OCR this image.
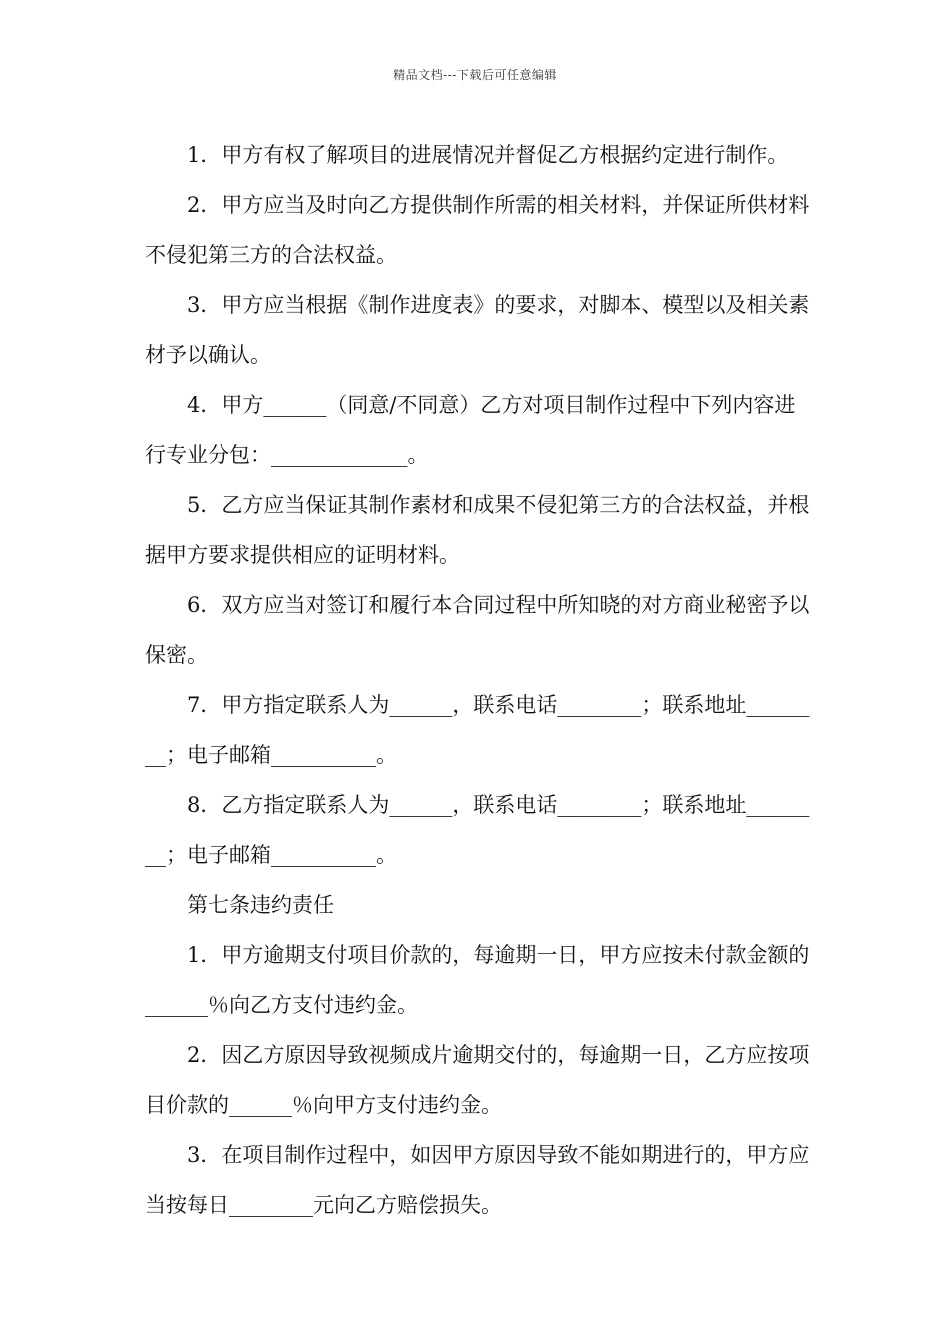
精品文档---下载后可任意编辑

1．甲方有权了解项目的进展情况并督促乙方根据约定进行制作。

2．甲方应当及时向乙方提供制作所需的相关材料，并保证所供材料不侵犯第三方的合法权益。

3．甲方应当根据《制作进度表》的要求，对脚本、模型以及相关素材予以确认。

4．甲方______（同意/不同意）乙方对项目制作过程中下列内容进行专业分包：_____________。

5．乙方应当保证其制作素材和成果不侵犯第三方的合法权益，并根据甲方要求提供相应的证明材料。

6．双方应当对签订和履行本合同过程中所知晓的对方商业秘密予以保密。

7．甲方指定联系人为______，联系电话________；联系地址________；电子邮箱__________。

8．乙方指定联系人为______，联系电话________；联系地址________；电子邮箱__________。

第七条违约责任

1．甲方逾期支付项目价款的，每逾期一日，甲方应按未付款金额的______％向乙方支付违约金。

2．因乙方原因导致视频成片逾期交付的，每逾期一日，乙方应按项目价款的______％向甲方支付违约金。

3．在项目制作过程中，如因甲方原因导致不能如期进行的，甲方应当按每日________元向乙方赔偿损失。
